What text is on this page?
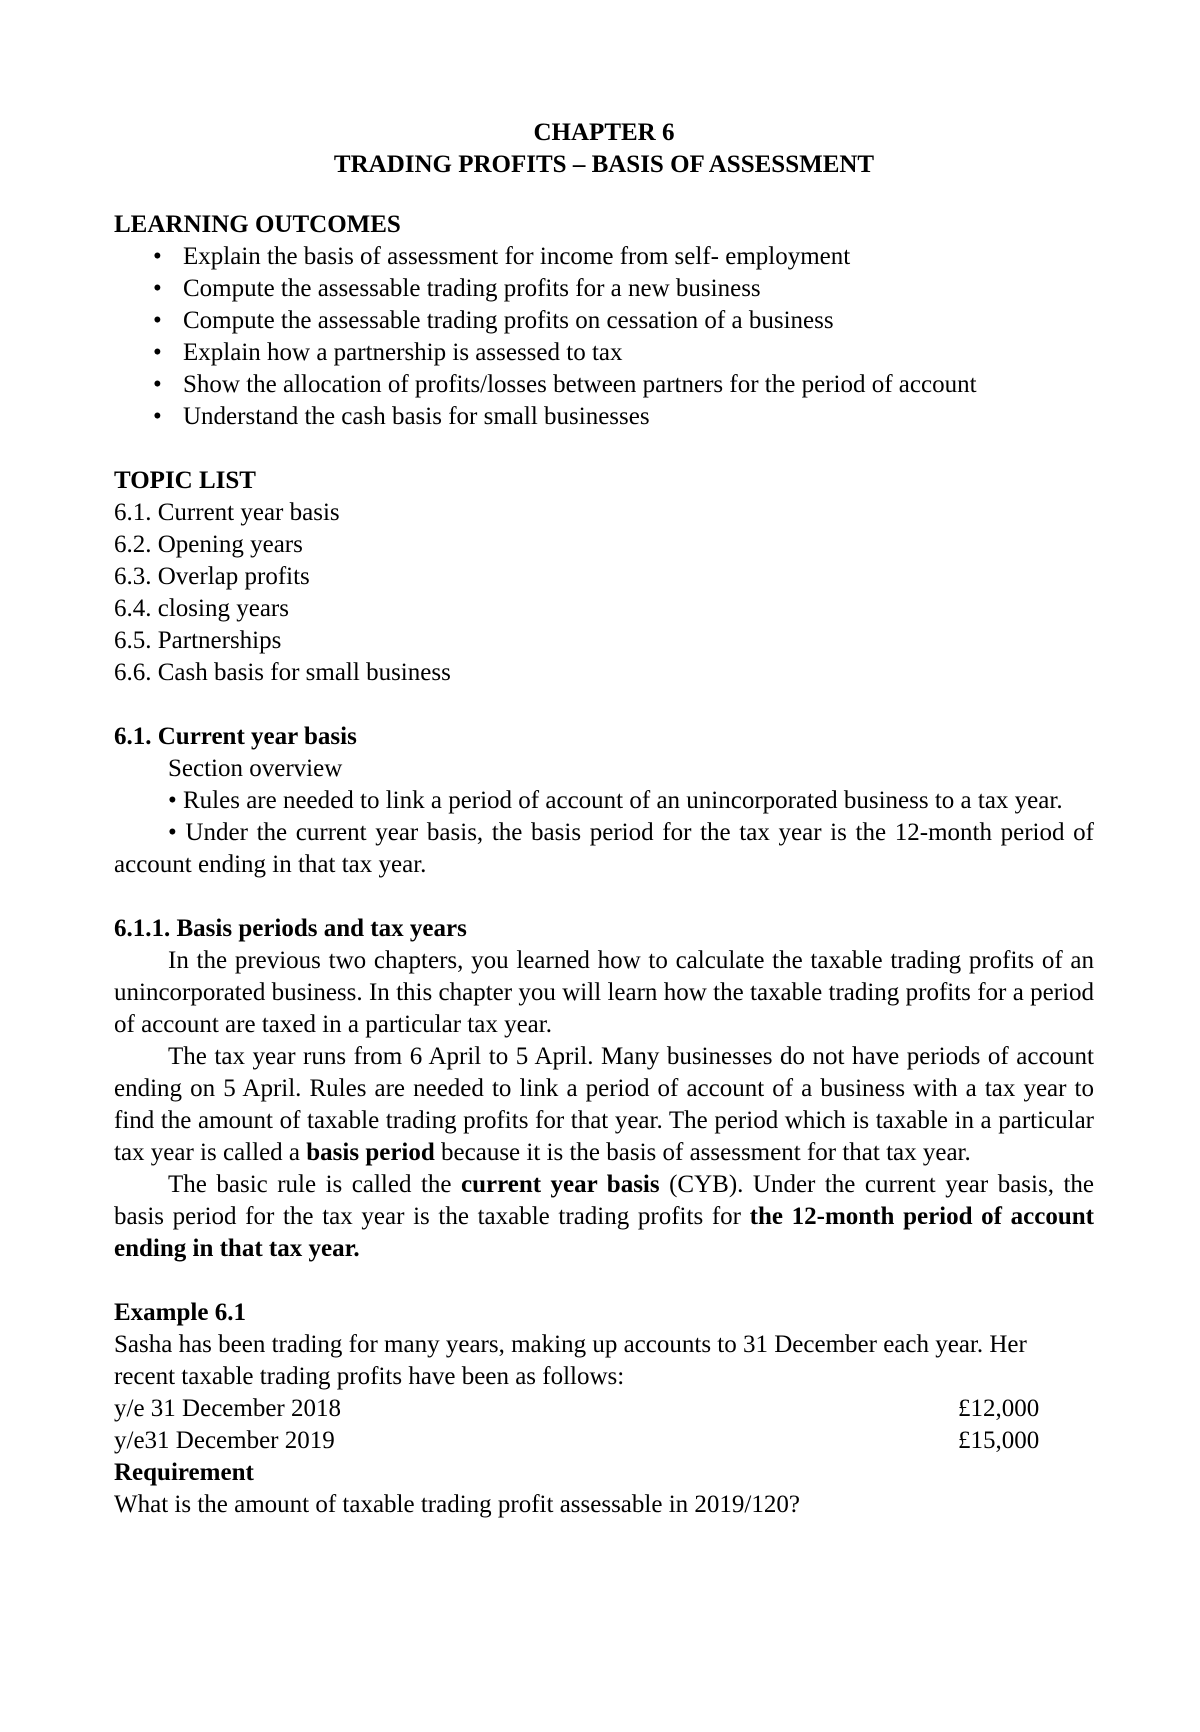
CHAPTER 6
TRADING PROFITS – BASIS OF ASSESSMENT
LEARNING OUTCOMES
• Explain the basis of assessment for income from self- employment
• Compute the assessable trading profits for a new business
• Compute the assessable trading profits on cessation of a business
• Explain how a partnership is assessed to tax
• Show the allocation of profits/losses between partners for the period of account
• Understand the cash basis for small businesses
TOPIC LIST
6.1. Current year basis
6.2. Opening years
6.3. Overlap profits
6.4. closing years
6.5. Partnerships
6.6. Cash basis for small business
6.1. Current year basis
Section overview
• Rules are needed to link a period of account of an unincorporated business to a tax year.
• Under the current year basis, the basis period for the tax year is the 12-month period of account ending in that tax year.
6.1.1. Basis periods and tax years
In the previous two chapters, you learned how to calculate the taxable trading profits of an unincorporated business. In this chapter you will learn how the taxable trading profits for a period of account are taxed in a particular tax year.
The tax year runs from 6 April to 5 April. Many businesses do not have periods of account ending on 5 April. Rules are needed to link a period of account of a business with a tax year to find the amount of taxable trading profits for that year. The period which is taxable in a particular tax year is called a basis period because it is the basis of assessment for that tax year.
The basic rule is called the current year basis (CYB). Under the current year basis, the basis period for the tax year is the taxable trading profits for the 12-month period of account ending in that tax year.
Example 6.1
Sasha has been trading for many years, making up accounts to 31 December each year. Her recent taxable trading profits have been as follows:
y/e 31 December 2018	£12,000
y/e31 December 2019	£15,000
Requirement
What is the amount of taxable trading profit assessable in 2019/120?
